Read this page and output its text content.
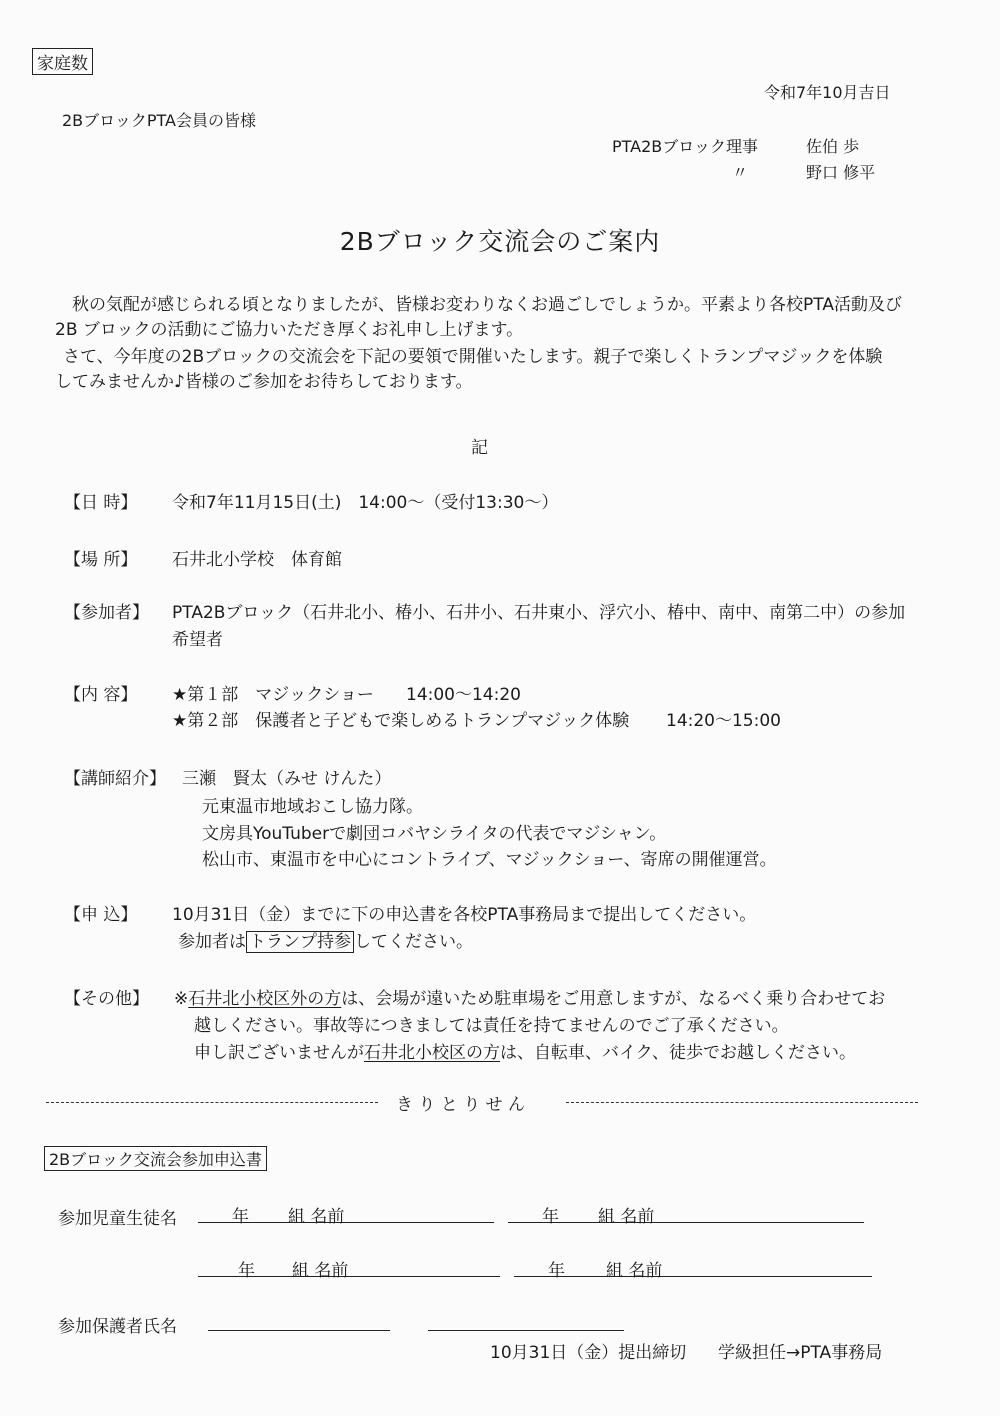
家庭数
令和7年10月吉日
2BブロックPTA会員の皆様
PTA2Bブロック理事	佐伯 歩
〃	野口 修平
2Bブロック交流会のご案内
秋の気配が感じられる頃となりましたが、皆様お変わりなくお過ごしでしょうか。平素より各校PTA活動及び
2B ブロックの活動にご協力いただき厚くお礼申し上げます。
さて、今年度の2Bブロックの交流会を下記の要領で開催いたします。親子で楽しくトランプマジックを体験
してみませんか♪皆様のご参加をお待ちしております。
記
【日 時】 令和7年11月15日(土)　14:00～（受付13:30～）
【場 所】 石井北小学校　体育館
【参加者】 PTA2Bブロック（石井北小、椿小、石井小、石井東小、浮穴小、椿中、南中、南第二中）の参加
希望者
【内 容】 ★第１部　マジックショー 14:00～14:20
★第２部　保護者と子どもで楽しめるトランプマジック体験 14:20～15:00
【講師紹介】 三瀬　賢太（みせ けんた）
元東温市地域おこし協力隊。
文房具YouTuberで劇団コバヤシライタの代表でマジシャン。
松山市、東温市を中心にコントライブ、マジックショー、寄席の開催運営。
【申 込】 10月31日（金）までに下の申込書を各校PTA事務局まで提出してください。
参加者は トランプ持参 してください。
【その他】 ※石井北小校区外の方は、会場が遠いため駐車場をご用意しますが、なるべく乗り合わせてお
越しください。事故等につきましては責任を持てませんのでご了承ください。
申し訳ございませんが石井北小校区の方は、自転車、バイク、徒歩でお越しください。
き り と り せ ん
2Bブロック交流会参加申込書
参加児童生徒名	年 組 名前	年 組 名前
年 組 名前	年 組 名前
参加保護者氏名
10月31日（金）提出締切 学級担任→PTA事務局
